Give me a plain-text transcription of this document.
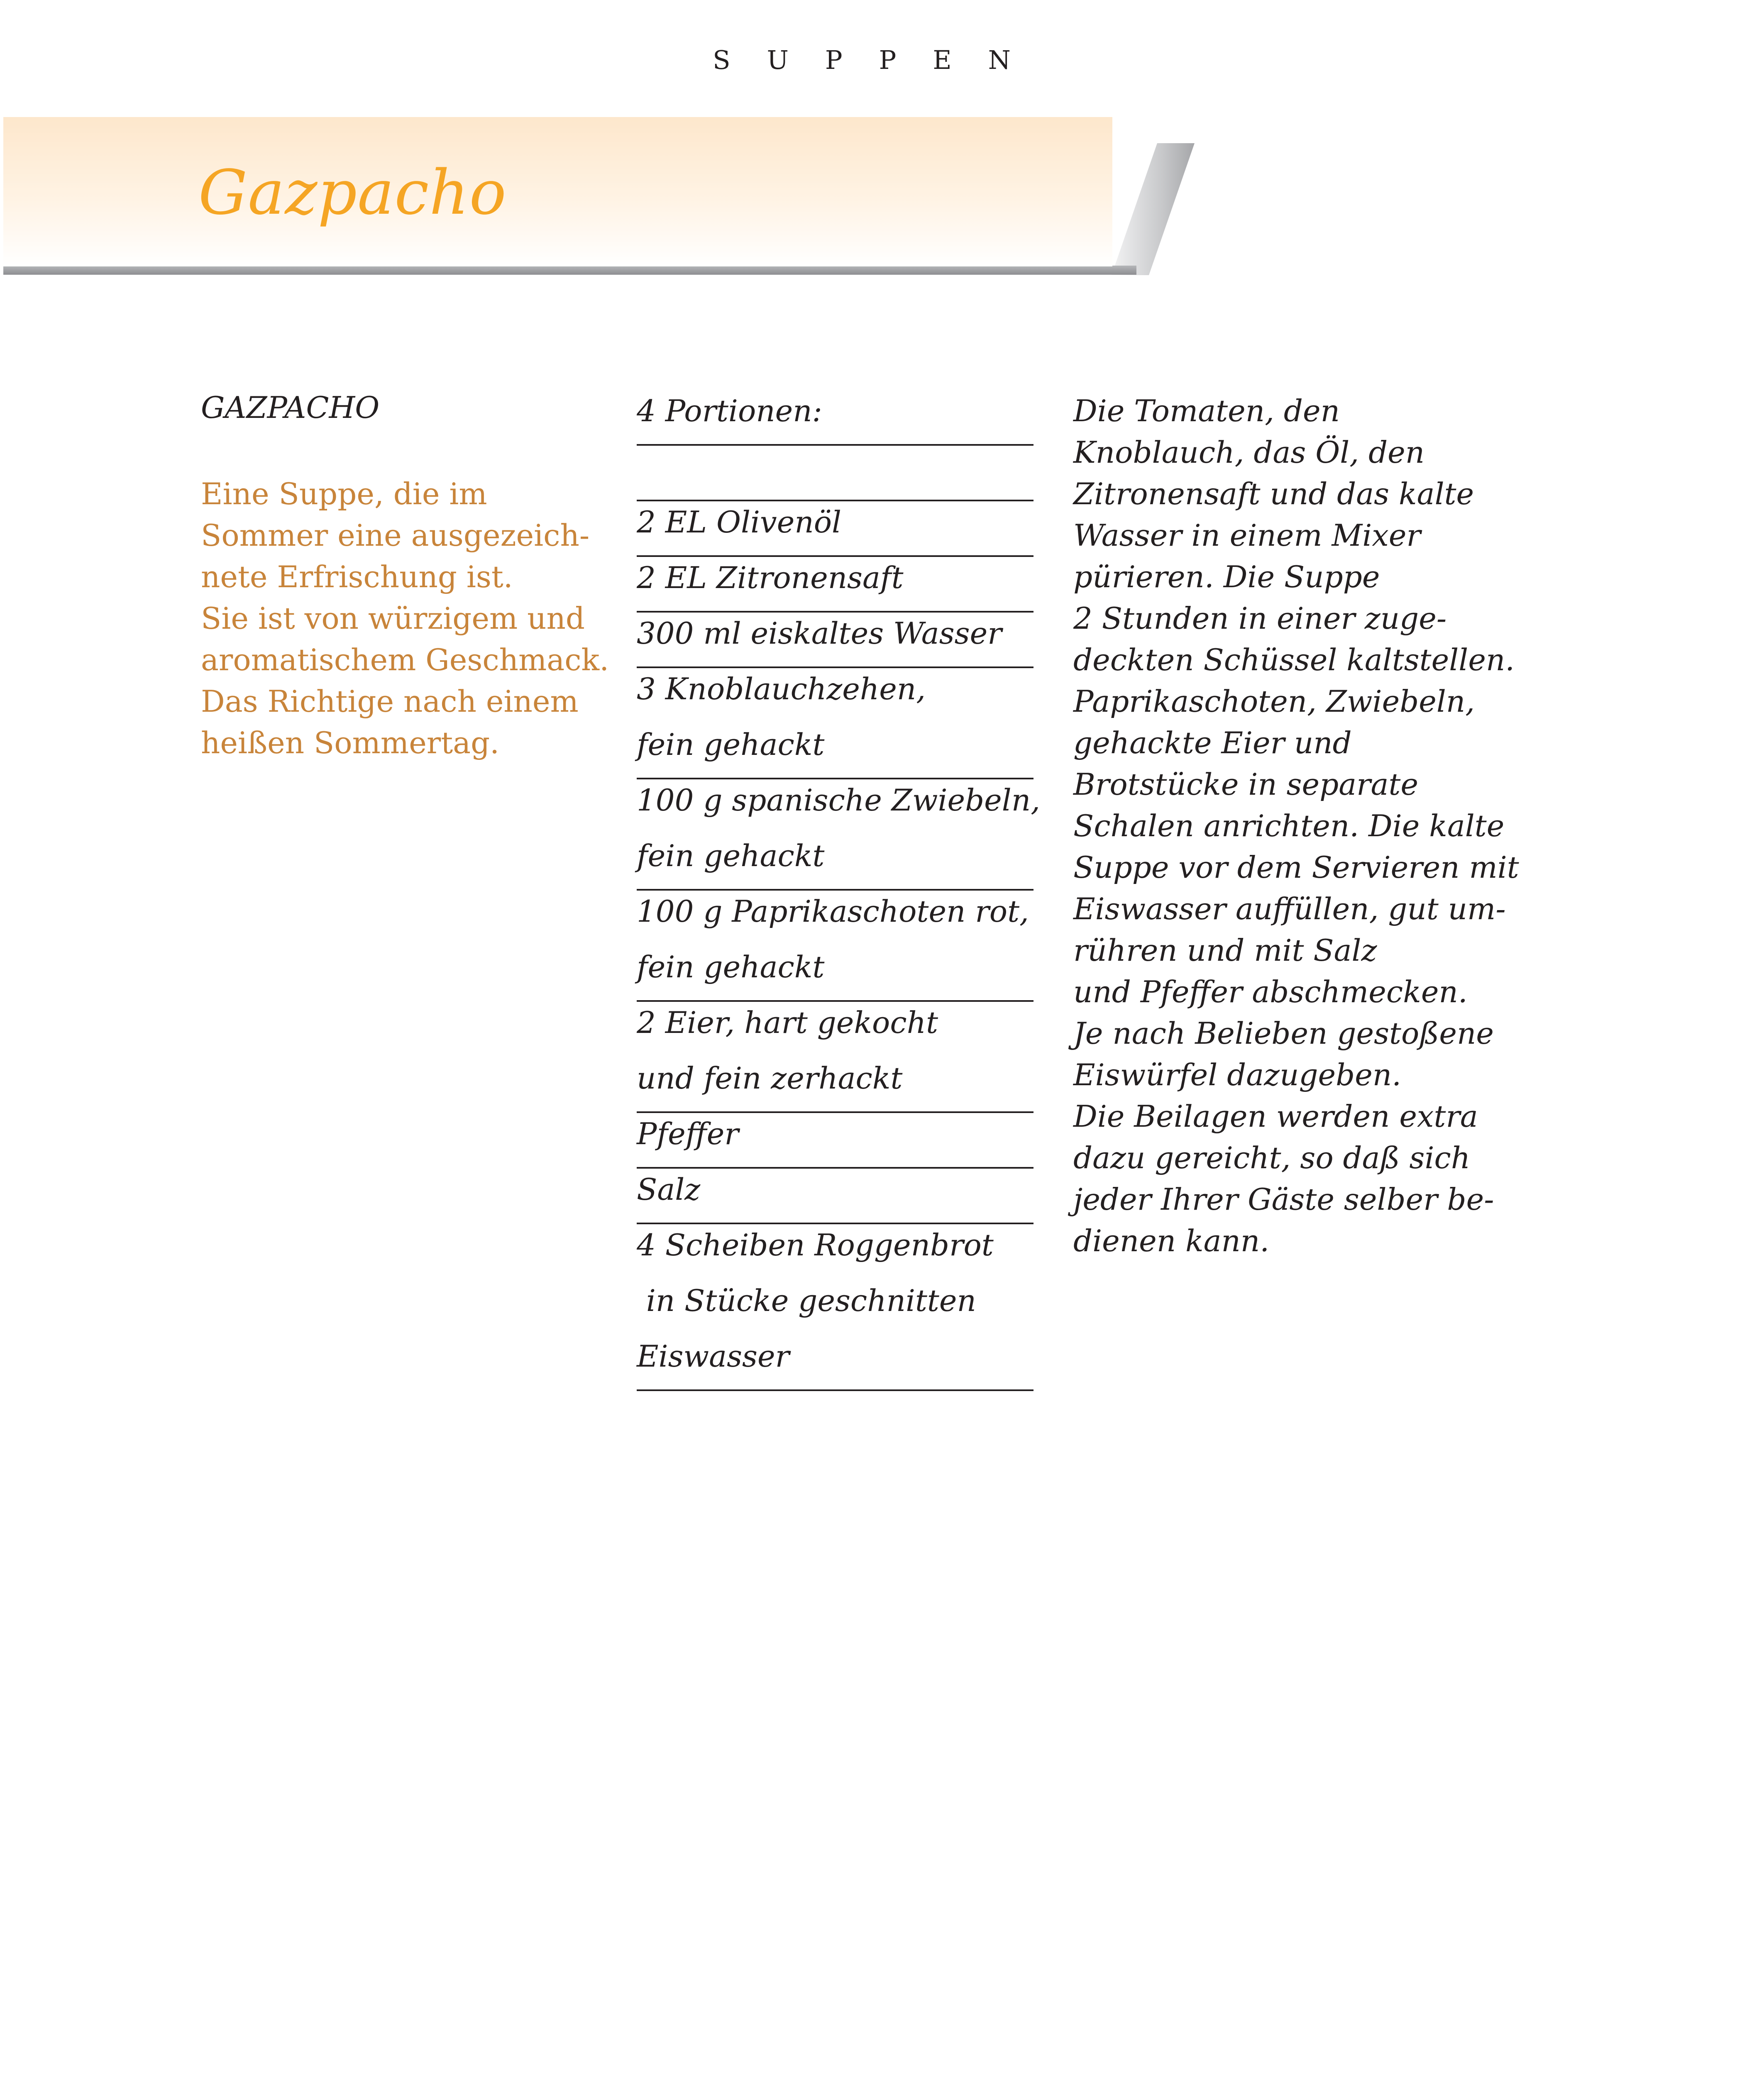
SUPPEN
Gazpacho
GAZPACHO
Eine Suppe, die im
Sommer eine ausgezeich-
nete Erfrischung ist.
Sie ist von würzigem und
aromatischem Geschmack.
Das Richtige nach einem
heißen Sommertag.
4 Portionen:
2 EL Olivenöl
2 EL Zitronensaft
300 ml eiskaltes Wasser
3 Knoblauchzehen,
fein gehackt
100 g spanische Zwiebeln,
fein gehackt
100 g Paprikaschoten rot,
fein gehackt
2 Eier, hart gekocht
und fein zerhackt
Pfeffer
Salz
4 Scheiben Roggenbrot
in Stücke geschnitten
Eiswasser
Die Tomaten, den
Knoblauch, das Öl, den
Zitronensaft und das kalte
Wasser in einem Mixer
pürieren. Die Suppe
2 Stunden in einer zuge-
deckten Schüssel kaltstellen.
Paprikaschoten, Zwiebeln,
gehackte Eier und
Brotstücke in separate
Schalen anrichten. Die kalte
Suppe vor dem Servieren mit
Eiswasser auffüllen, gut um-
rühren und mit Salz
und Pfeffer abschmecken.
Je nach Belieben gestoßene
Eiswürfel dazugeben.
Die Beilagen werden extra
dazu gereicht, so daß sich
jeder Ihrer Gäste selber be-
dienen kann.
